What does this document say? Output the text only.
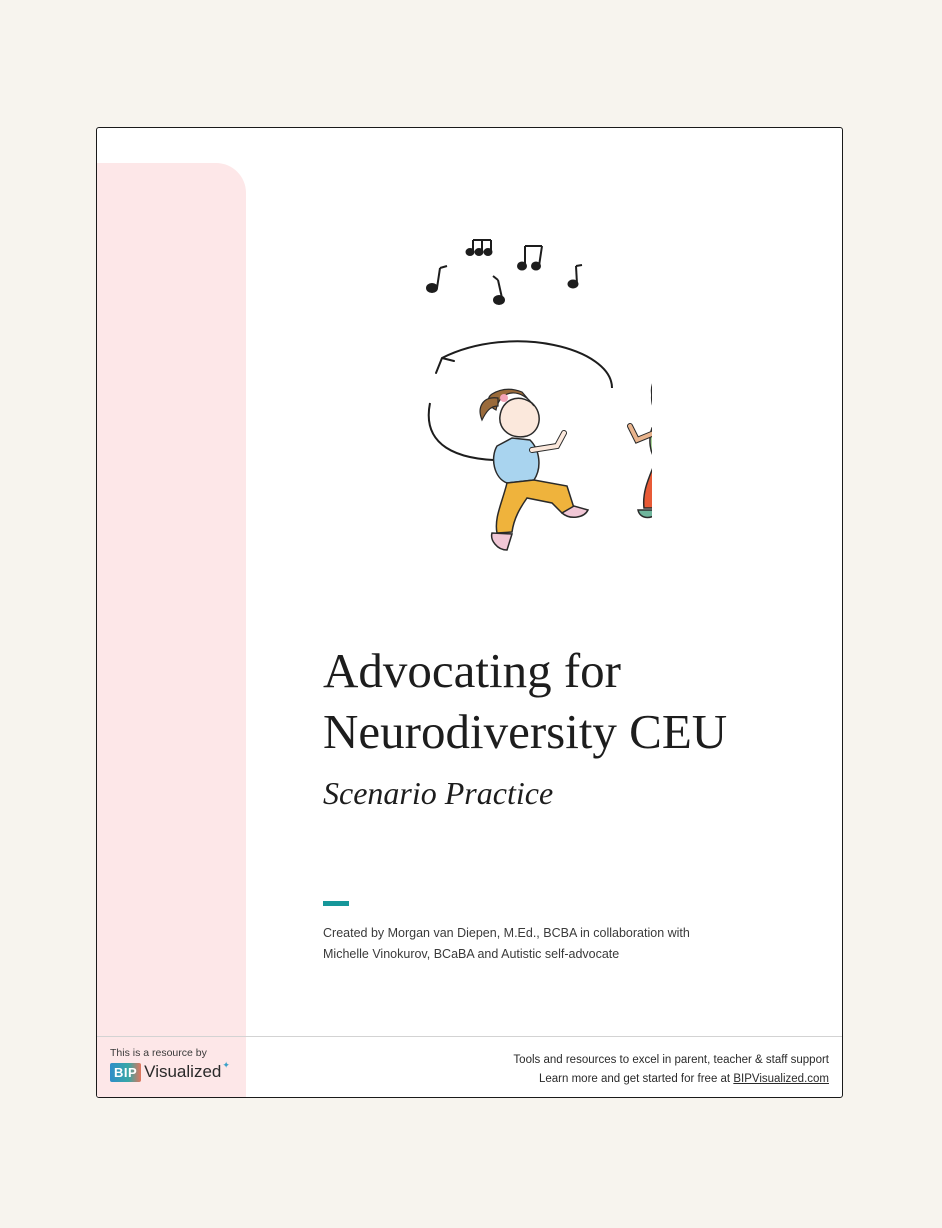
Advocating for
Neurodiversity CEU
Scenario Practice
Created by Morgan van Diepen, M.Ed., BCBA in collaboration with
Michelle Vinokurov, BCaBA and Autistic self-advocate
This is a resource by
BIP Visualized ✦	Tools and resources to excel in parent, teacher & staff support
Learn more and get started for free at BIPVisualized.com
